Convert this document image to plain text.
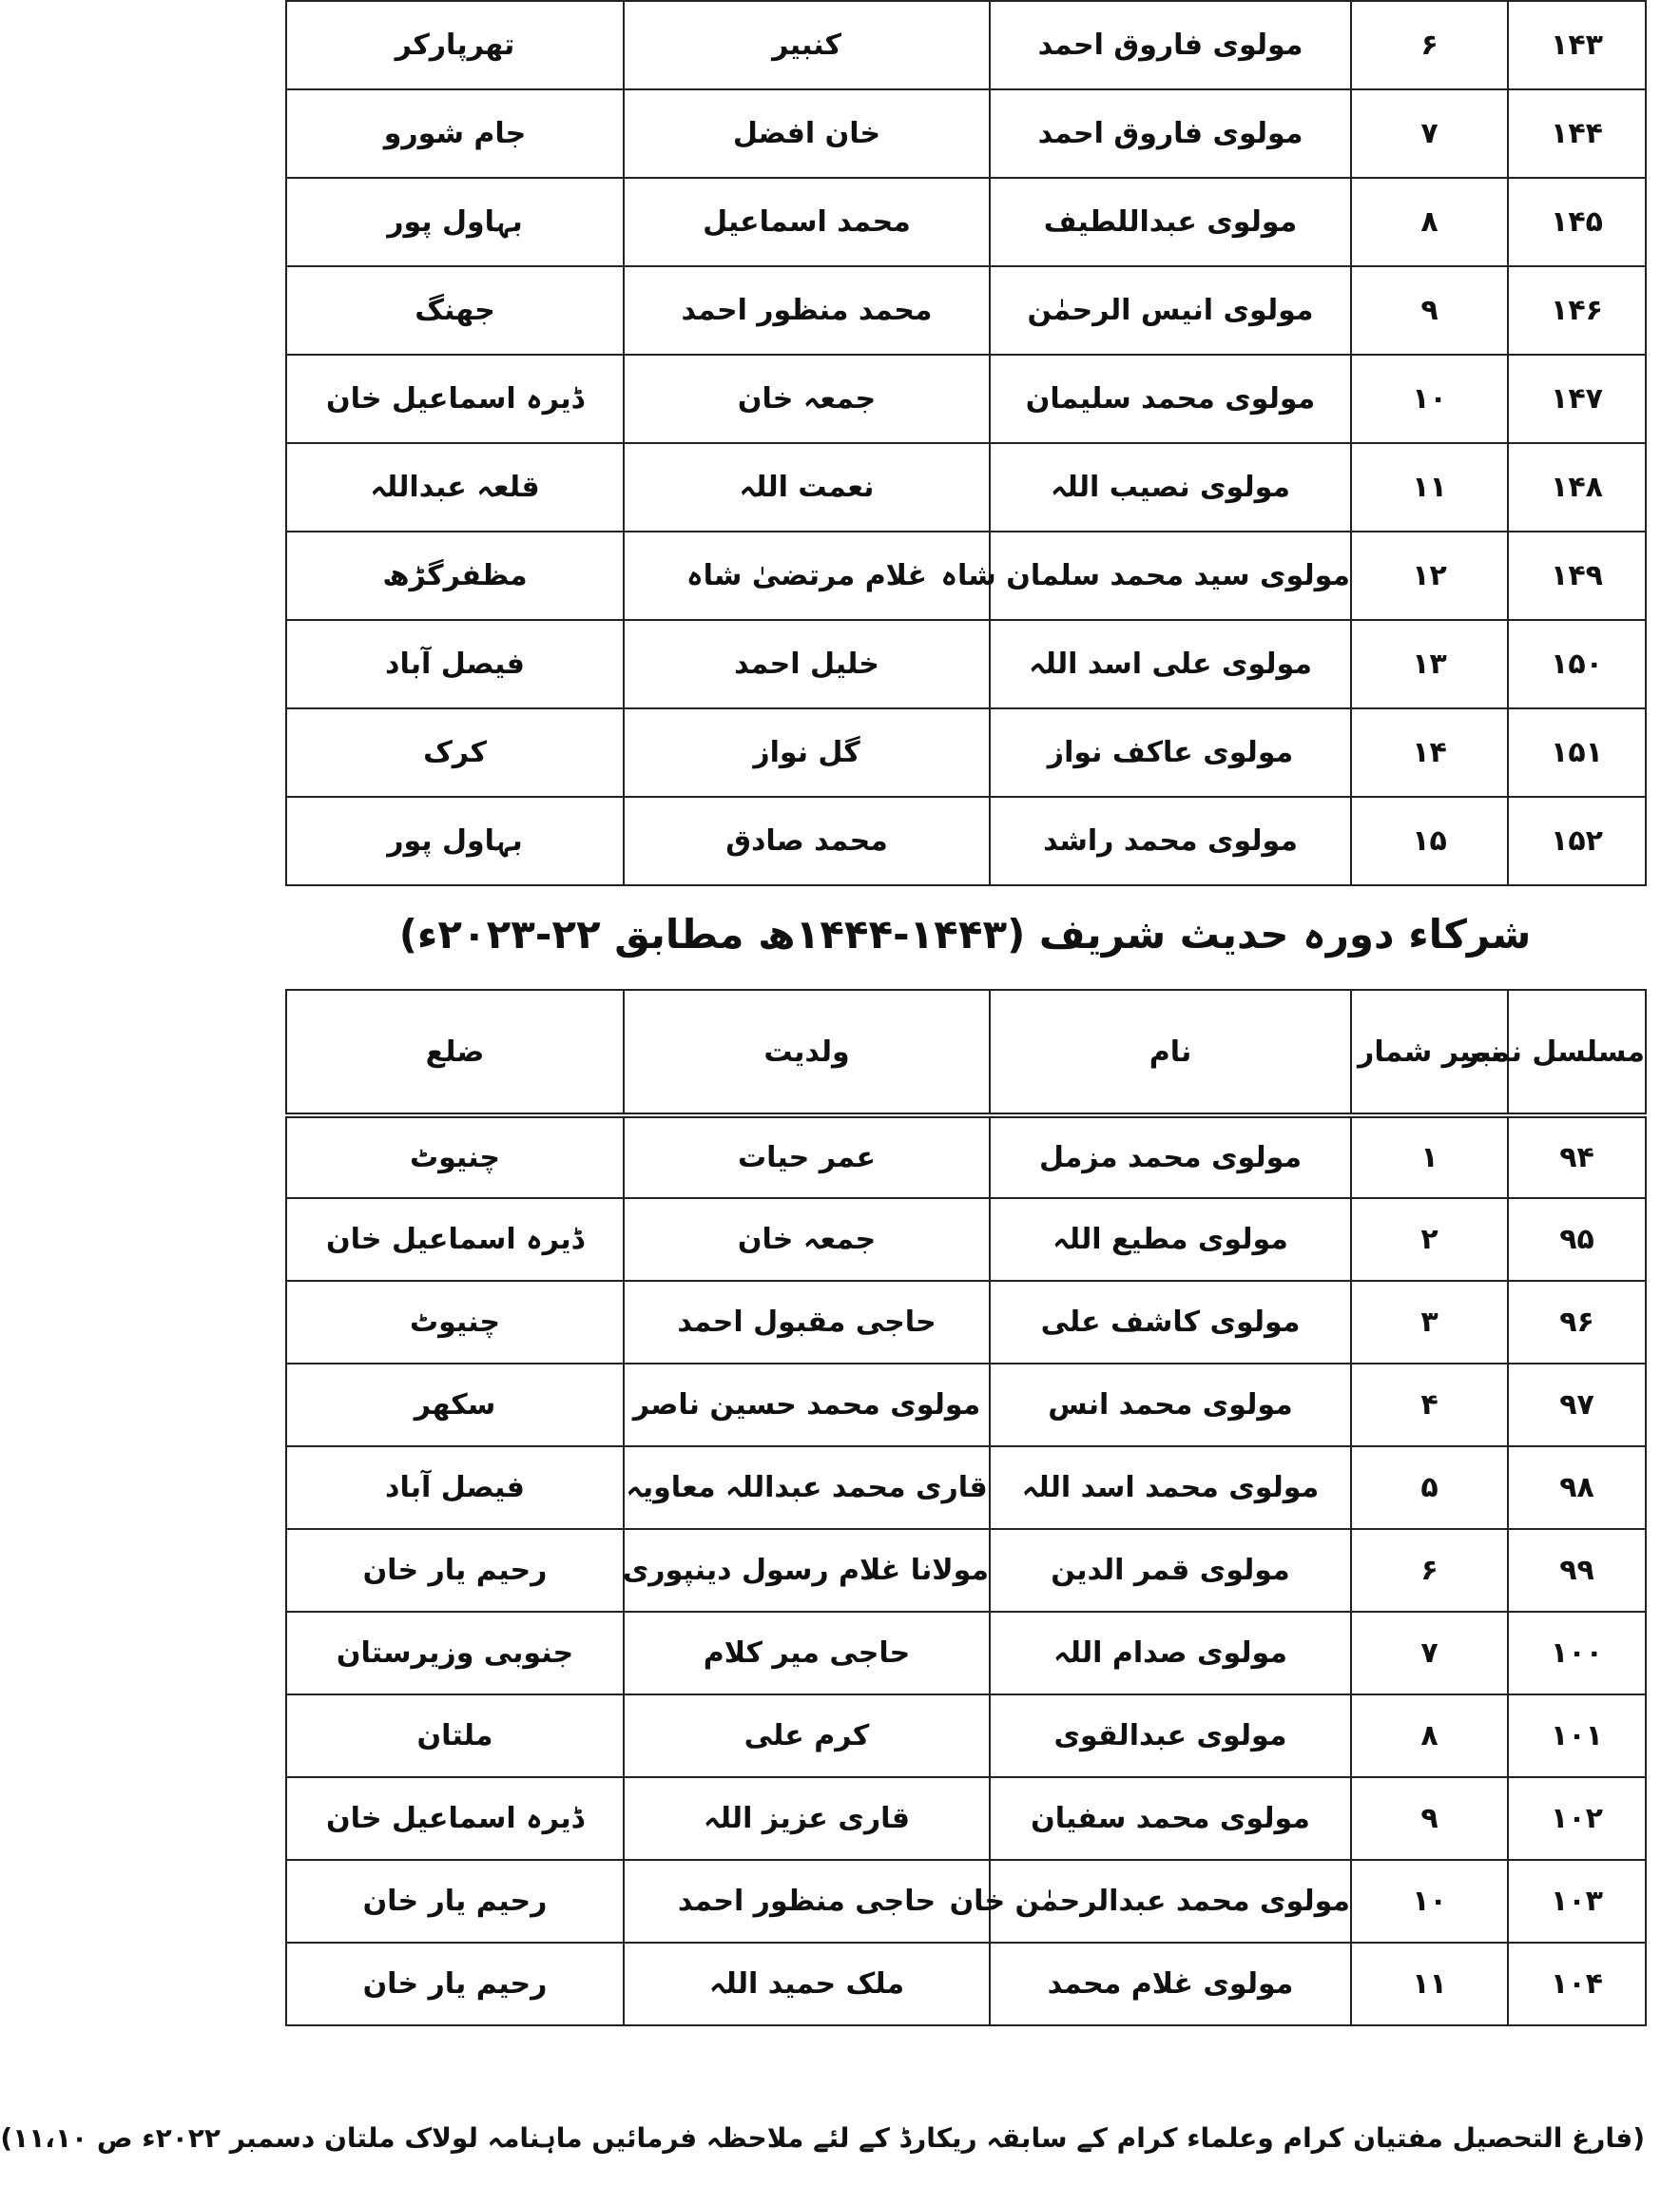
۱۴۳	۶	مولوی فاروق احمد	کنبیر	تھرپارکر
۱۴۴	۷	مولوی فاروق احمد	خان افضل	جام شورو
۱۴۵	۸	مولوی عبداللطیف	محمد اسماعیل	بہاول پور
۱۴۶	۹	مولوی انیس الرحمٰن	محمد منظور احمد	جھنگ
۱۴۷	۱۰	مولوی محمد سلیمان	جمعہ خان	ڈیرہ اسماعیل خان
۱۴۸	۱۱	مولوی نصیب اللہ	نعمت اللہ	قلعہ عبداللہ
۱۴۹	۱۲	مولوی سید محمد سلمان شاہ	غلام مرتضیٰ شاہ	مظفرگڑھ
۱۵۰	۱۳	مولوی علی اسد اللہ	خلیل احمد	فیصل آباد
۱۵۱	۱۴	مولوی عاکف نواز	گل نواز	کرک
۱۵۲	۱۵	مولوی محمد راشد	محمد صادق	بہاول پور
شرکاء دورہ حدیث شریف (۱۴۴۳-۱۴۴۴ھ مطابق ۲۲-۲۰۲۳ء)
مسلسل نمبر	نمبر شمار	نام	ولدیت	ضلع
۹۴	۱	مولوی محمد مزمل	عمر حیات	چنیوٹ
۹۵	۲	مولوی مطیع اللہ	جمعہ خان	ڈیرہ اسماعیل خان
۹۶	۳	مولوی کاشف علی	حاجی مقبول احمد	چنیوٹ
۹۷	۴	مولوی محمد انس	مولوی محمد حسین ناصر	سکھر
۹۸	۵	مولوی محمد اسد اللہ	قاری محمد عبداللہ معاویہ	فیصل آباد
۹۹	۶	مولوی قمر الدین	مولانا غلام رسول دینپوری	رحیم یار خان
۱۰۰	۷	مولوی صدام اللہ	حاجی میر کلام	جنوبی وزیرستان
۱۰۱	۸	مولوی عبدالقوی	کرم علی	ملتان
۱۰۲	۹	مولوی محمد سفیان	قاری عزیز اللہ	ڈیرہ اسماعیل خان
۱۰۳	۱۰	مولوی محمد عبدالرحمٰن خان	حاجی منظور احمد	رحیم یار خان
۱۰۴	۱۱	مولوی غلام محمد	ملک حمید اللہ	رحیم یار خان
(فارغ التحصیل مفتیان کرام وعلماء کرام کے سابقہ ریکارڈ کے لئے ملاحظہ فرمائیں ماہنامہ لولاک ملتان دسمبر ۲۰۲۲ء ص ۱۱،۱۰)
